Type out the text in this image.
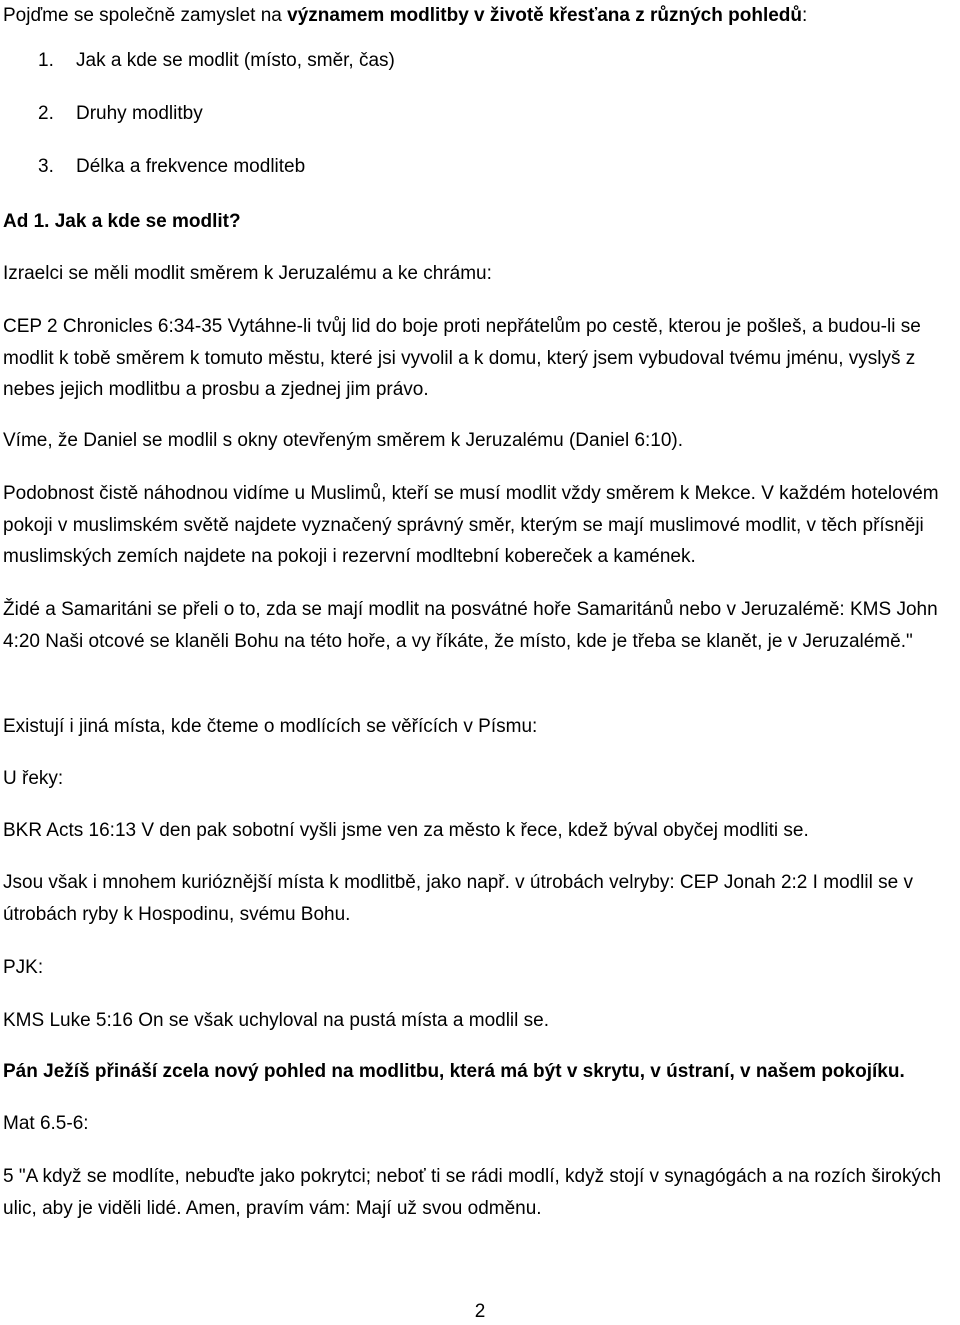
Pojďme se společně zamyslet na významem modlitby v životě křesťana z různých pohledů:

1.	Jak a kde se modlit (místo, směr, čas)
2.	Druhy modlitby
3.	Délka a frekvence modliteb

Ad 1. Jak a kde se modlit?

Izraelci se měli modlit směrem k Jeruzalému a ke chrámu:

CEP 2 Chronicles 6:34-35 Vytáhne-li tvůj lid do boje proti nepřátelům po cestě, kterou je pošleš, a budou-li se modlit k tobě směrem k tomuto městu, které jsi vyvolil a k domu, který jsem vybudoval tvému jménu, vyslyš z nebes jejich modlitbu a prosbu a zjednej jim právo.

Víme, že Daniel se modlil s okny otevřeným směrem k Jeruzalému (Daniel 6:10).

Podobnost čistě náhodnou vidíme u Muslimů, kteří se musí modlit vždy směrem k Mekce. V každém hotelovém pokoji v muslimském světě najdete vyznačený správný směr, kterým se mají muslimové modlit, v těch přísněji muslimských zemích najdete na pokoji i rezervní modltební kobereček a kamének.

Židé a Samaritáni se přeli o to, zda se mají modlit na posvátné hoře Samaritánů nebo v Jeruzalémě: KMS John 4:20 Naši otcové se klaněli Bohu na této hoře, a vy říkáte, že místo, kde je třeba se klanět, je v Jeruzalémě."

Existují i jiná místa, kde čteme o modlících se věřících v Písmu:

U řeky:

BKR Acts 16:13 V den pak sobotní vyšli jsme ven za město k řece, kdež býval obyčej modliti se.

Jsou však i mnohem kurióznější místa k modlitbě, jako např. v útrobách velryby: CEP Jonah 2:2 I modlil se v útrobách ryby k Hospodinu, svému Bohu.

PJK:

KMS Luke 5:16 On se však uchyloval na pustá místa a modlil se.

Pán Ježíš přináší zcela nový pohled na modlitbu, která má být v skrytu, v ústraní, v našem pokojíku.

Mat 6.5-6:

5 "A když se modlíte, nebuďte jako pokrytci; neboť ti se rádi modlí, když stojí v synagógách a na rozích širokých ulic, aby je viděli lidé. Amen, pravím vám: Mají už svou odměnu.

2
